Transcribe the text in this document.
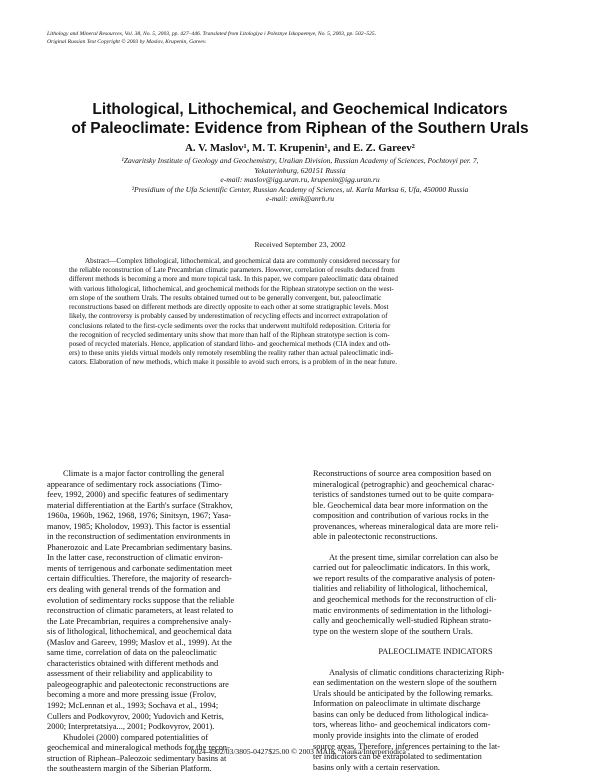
Lithology and Mineral Resources, Vol. 38, No. 5, 2003, pp. 427–446. Translated from Litologiya i Poleznye Iskopaemye, No. 5, 2003, pp. 502–525.
Original Russian Text Copyright © 2003 by Maslov, Krupenin, Gareev.
Lithological, Lithochemical, and Geochemical Indicators
of Paleoclimate: Evidence from Riphean of the Southern Urals
A. V. Maslov¹, M. T. Krupenin¹, and E. Z. Gareev²
¹Zavaritsky Institute of Geology and Geochemistry, Uralian Division, Russian Academy of Sciences, Pochtovyi per. 7,
Yekaterinburg, 620151 Russia
e-mail: maslov@igg.uran.ru, krupenin@igg.uran.ru
²Presidium of the Ufa Scientific Center, Russian Academy of Sciences, ul. Karla Marksa 6, Ufa, 450000 Russia
e-mail: emik@anrb.ru
Received September 23, 2002
Abstract—Complex lithological, lithochemical, and geochemical data are commonly considered necessary for
the reliable reconstruction of Late Precambrian climatic parameters. However, correlation of results deduced from
different methods is becoming a more and more topical task. In this paper, we compare paleoclimatic data obtained
with various lithological, lithochemical, and geochemical methods for the Riphean stratotype section on the west-
ern slope of the southern Urals. The results obtained turned out to be generally convergent, but, paleoclimatic
reconstructions based on different methods are directly opposite to each other at some stratigraphic levels. Most
likely, the controversy is probably caused by underestimation of recycling effects and incorrect extrapolation of
conclusions related to the first-cycle sediments over the rocks that underwent multifold redeposition. Criteria for
the recognition of recycled sedimentary units show that more than half of the Riphean stratotype section is com-
posed of recycled materials. Hence, application of standard litho- and geochemical methods (CIA index and oth-
ers) to these units yields virtual models only remotely resembling the reality rather than actual paleoclimatic indi-
cators. Elaboration of new methods, which make it possible to avoid such errors, is a problem of in the near future.
Climate is a major factor controlling the general
appearance of sedimentary rock associations (Timo-
feev, 1992, 2000) and specific features of sedimentary
material differentiation at the Earth's surface (Strakhov,
1960a, 1960b, 1962, 1968, 1976; Sinitsyn, 1967; Yasa-
manov, 1985; Kholodov, 1993). This factor is essential
in the reconstruction of sedimentation environments in
Phanerozoic and Late Precambrian sedimentary basins.
In the latter case, reconstruction of climatic environ-
ments of terrigenous and carbonate sedimentation meet
certain difficulties. Therefore, the majority of research-
ers dealing with general trends of the formation and
evolution of sedimentary rocks suppose that the reliable
reconstruction of climatic parameters, at least related to
the Late Precambrian, requires a comprehensive analy-
sis of lithological, lithochemical, and geochemical data
(Maslov and Gareev, 1999; Maslov et al., 1999). At the
same time, correlation of data on the paleoclimatic
characteristics obtained with different methods and
assessment of their reliability and applicability to
paleogeographic and paleotectonic reconstructions are
becoming a more and more pressing issue (Frolov,
1992; McLennan et al., 1993; Sochava et al., 1994;
Cullers and Podkovyrov, 2000; Yudovich and Ketris,
2000; Interpretatsiya..., 2001; Podkovyrov, 2001).
Khudolei (2000) compared potentialities of
geochemical and mineralogical methods for the recon-
struction of Riphean–Paleozoic sedimentary basins at
the southeastern margin of the Siberian Platform.
Reconstructions of source area composition based on
mineralogical (petrographic) and geochemical charac-
teristics of sandstones turned out to be quite compara-
ble. Geochemical data bear more information on the
composition and contribution of various rocks in the
provenances, whereas mineralogical data are more reli-
able in paleotectonic reconstructions.
At the present time, similar correlation can also be
carried out for paleoclimatic indicators. In this work,
we report results of the comparative analysis of poten-
tialities and reliability of lithological, lithochemical,
and geochemical methods for the reconstruction of cli-
matic environments of sedimentation in the lithologi-
cally and geochemically well-studied Riphean strato-
type on the western slope of the southern Urals.
PALEOCLIMATE INDICATORS
Analysis of climatic conditions characterizing Riph-
ean sedimentation on the western slope of the southern
Urals should be anticipated by the following remarks.
Information on paleoclimate in ultimate discharge
basins can only be deduced from lithological indica-
tors, whereas litho- and geochemical indicators com-
monly provide insights into the climate of eroded
source areas. Therefore, inferences pertaining to the lat-
ter indicators can be extrapolated to sedimentation
basins only with a certain reservation.
0024-4902/03/3805-0427$25.00 © 2003 MAIK “Nauka/Interperiodica”
